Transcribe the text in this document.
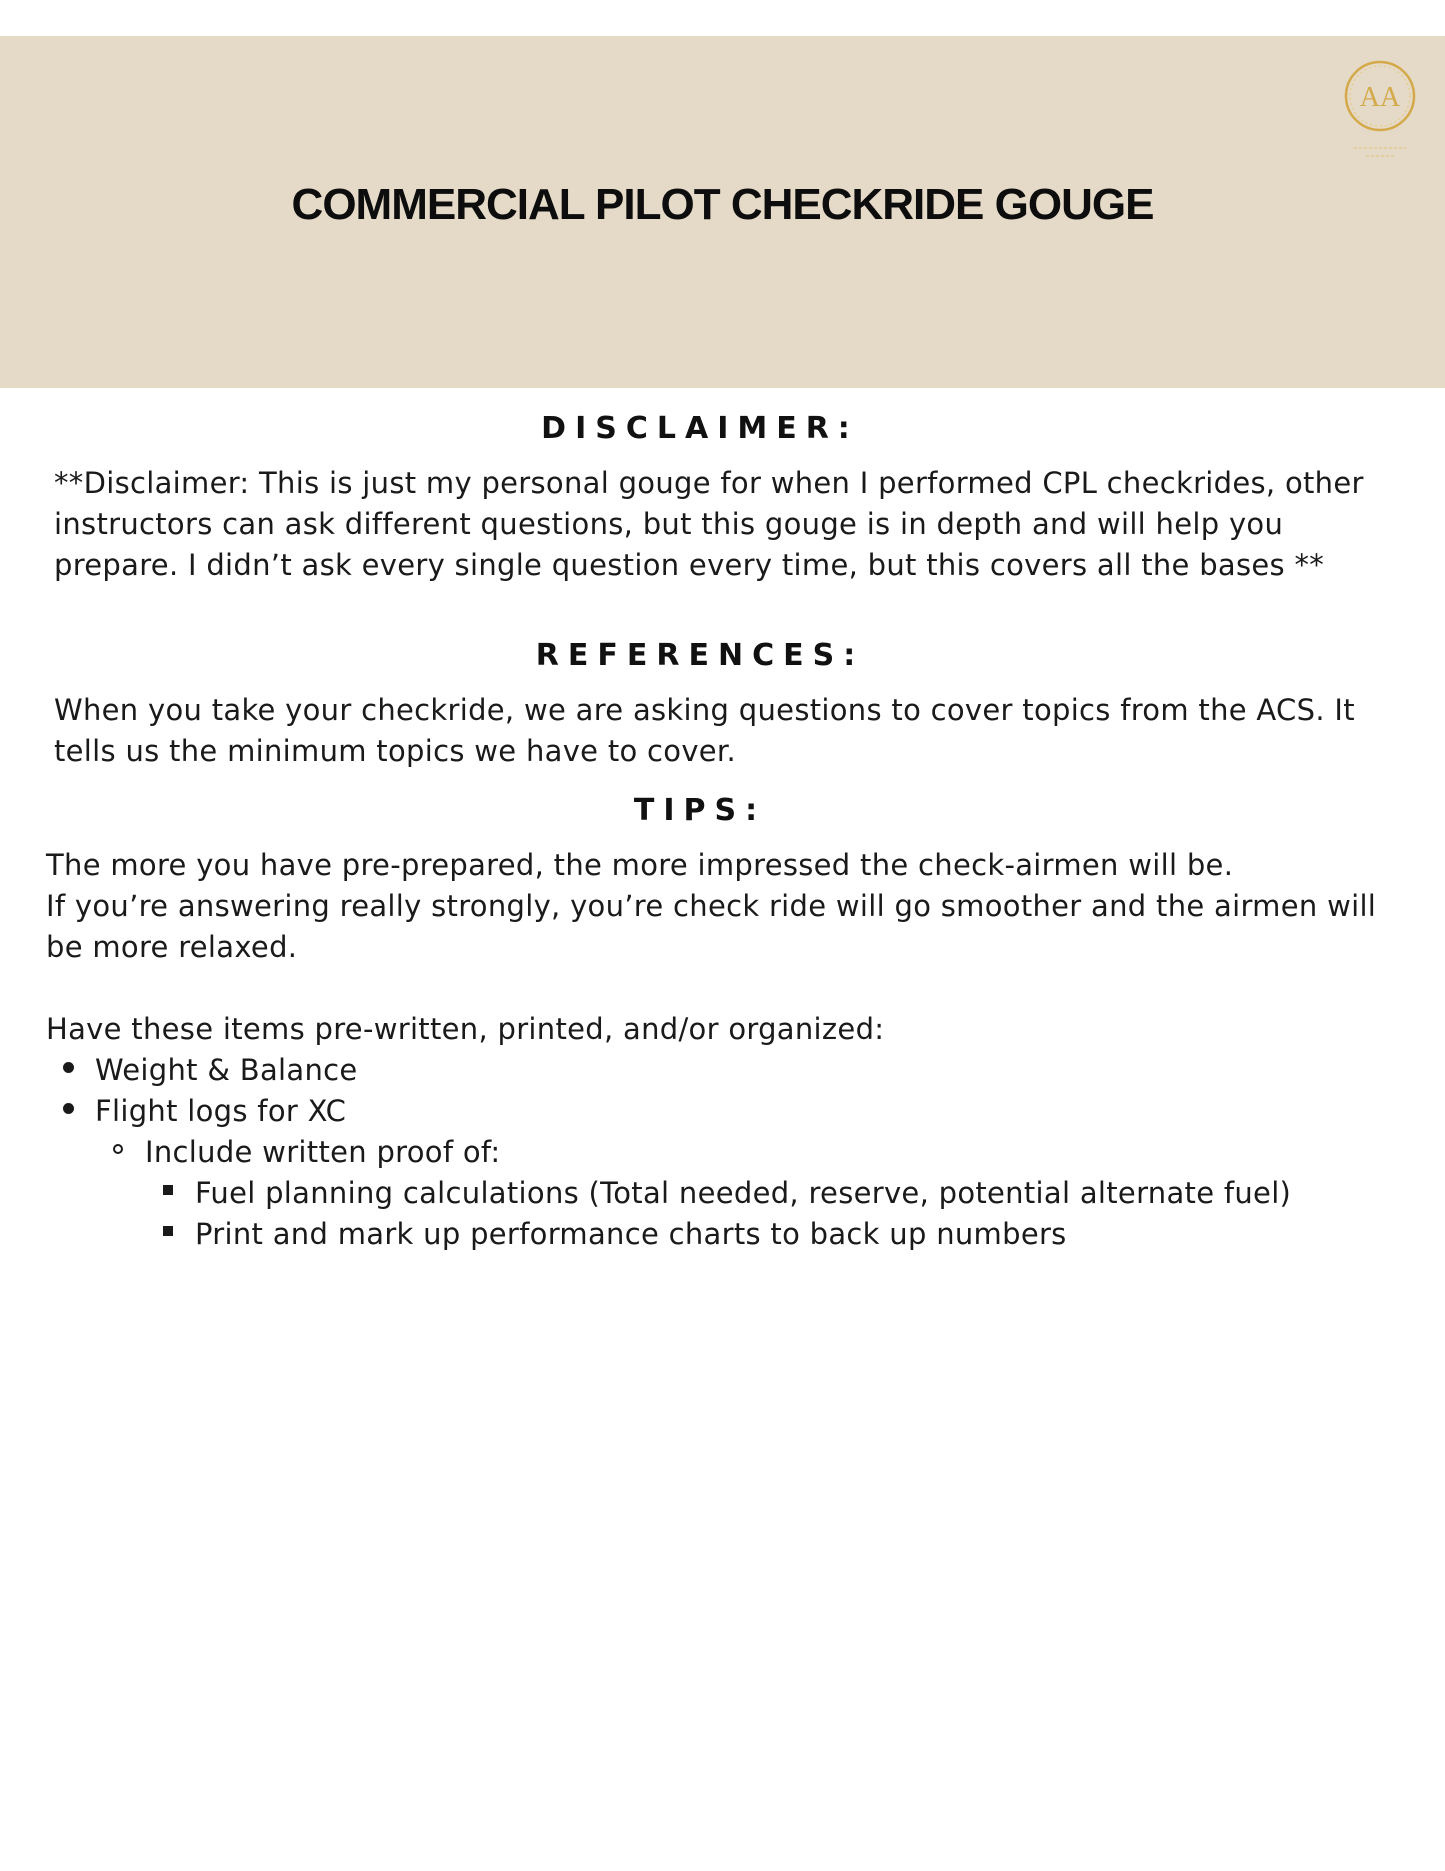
COMMERCIAL PILOT CHECKRIDE GOUGE
AA
DISCLAIMER:

**Disclaimer: This is just my personal gouge for when I performed CPL checkrides, other instructors can ask different questions, but this gouge is in depth and will help you prepare. I didn’t ask every single question every time, but this covers all the bases **

REFERENCES:

When you take your checkride, we are asking questions to cover topics from the ACS. It tells us the minimum topics we have to cover.

TIPS:

The more you have pre-prepared, the more impressed the check-airmen will be.

If you’re answering really strongly, you’re check ride will go smoother and the airmen will be more relaxed.

Have these items pre-written, printed, and/or organized:

Weight & Balance
Flight logs for XC
Include written proof of:
Fuel planning calculations (Total needed, reserve, potential alternate fuel)
Print and mark up performance charts to back up numbers
